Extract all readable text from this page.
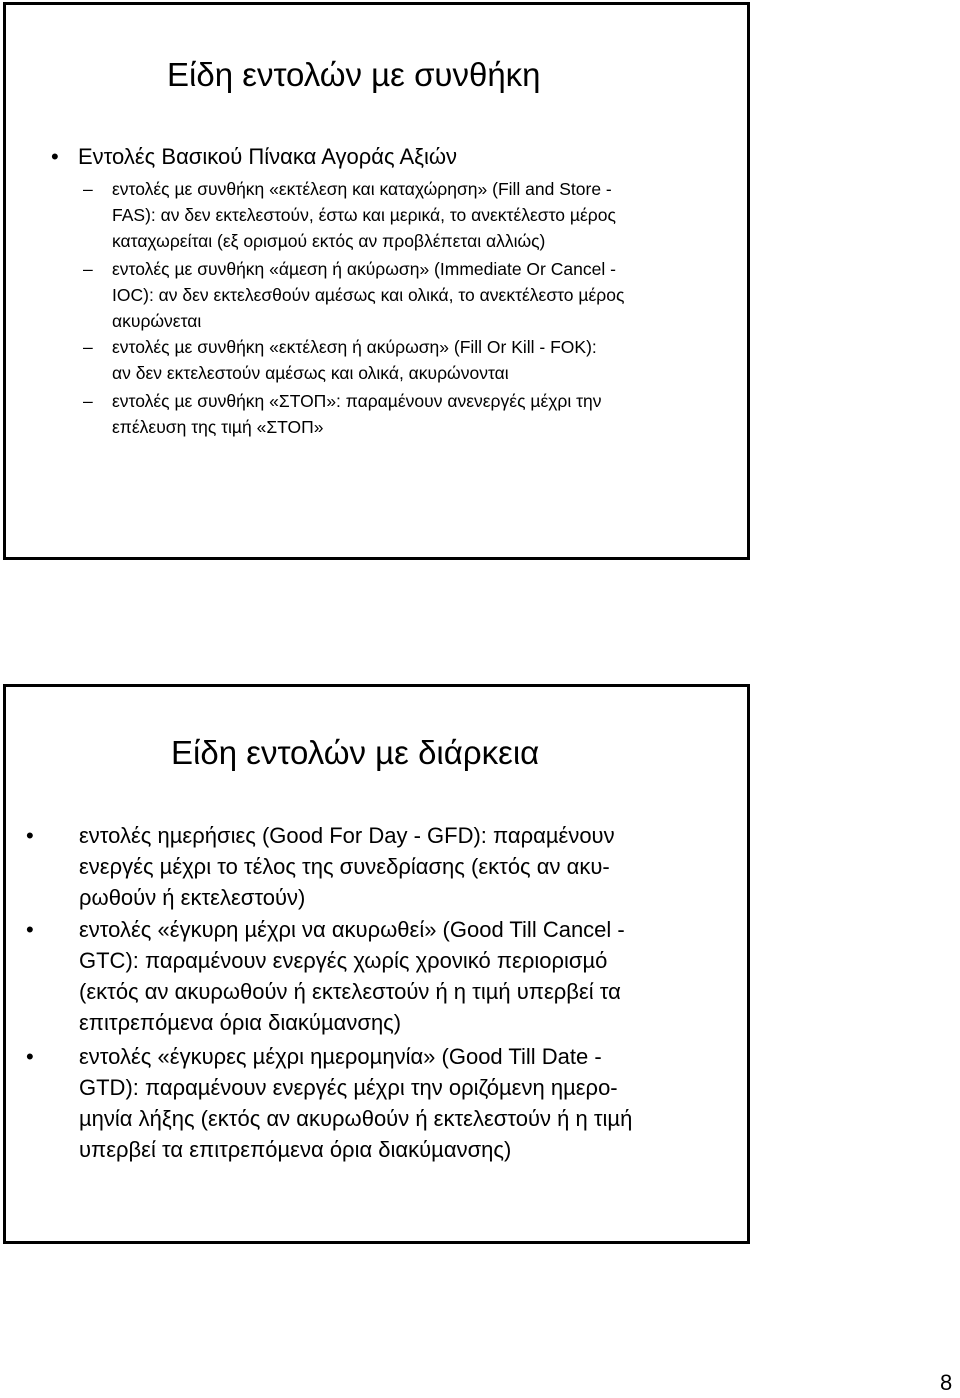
Είδη εντολών µε συνθήκη
• Εντολές Βασικού Πίνακα Αγοράς Αξιών
–	εντολές µε συνθήκη «εκτέλεση και καταχώρηση» (Fill and Store -
FAS): αν δεν εκτελεστούν, έστω και µερικά, το ανεκτέλεστο µέρος
καταχωρείται (εξ ορισµού εκτός αν προβλέπεται αλλιώς)
–	εντολές µε συνθήκη «άµεση ή ακύρωση» (Immediate Or Cancel -
IOC): αν δεν εκτελεσθούν αµέσως και ολικά, το ανεκτέλεστο µέρος
ακυρώνεται
–	εντολές µε συνθήκη «εκτέλεση ή ακύρωση» (Fill Or Kill - FOK):
αν δεν εκτελεστούν αµέσως και ολικά, ακυρώνονται
–	εντολές µε συνθήκη «ΣΤΟΠ»: παραµένουν ανενεργές µέχρι την
επέλευση της τιµή «ΣΤΟΠ»
Είδη εντολών µε διάρκεια
•	εντολές ηµερήσιες (Good For Day - GFD): παραµένουν
ενεργές µέχρι το τέλος της συνεδρίασης (εκτός αν ακυ-
ρωθούν ή εκτελεστούν)
•	εντολές «έγκυρη µέχρι να ακυρωθεί» (Good Till Cancel -
GTC): παραµένουν ενεργές χωρίς χρονικό περιορισµό
(εκτός αν ακυρωθούν ή εκτελεστούν ή η τιµή υπερβεί τα
επιτρεπόµενα όρια διακύµανσης)
•	εντολές «έγκυρες µέχρι ηµεροµηνία» (Good Till Date -
GTD): παραµένουν ενεργές µέχρι την οριζόµενη ηµερο-
µηνία λήξης (εκτός αν ακυρωθούν ή εκτελεστούν ή η τιµή
υπερβεί τα επιτρεπόµενα όρια διακύµανσης)
8
